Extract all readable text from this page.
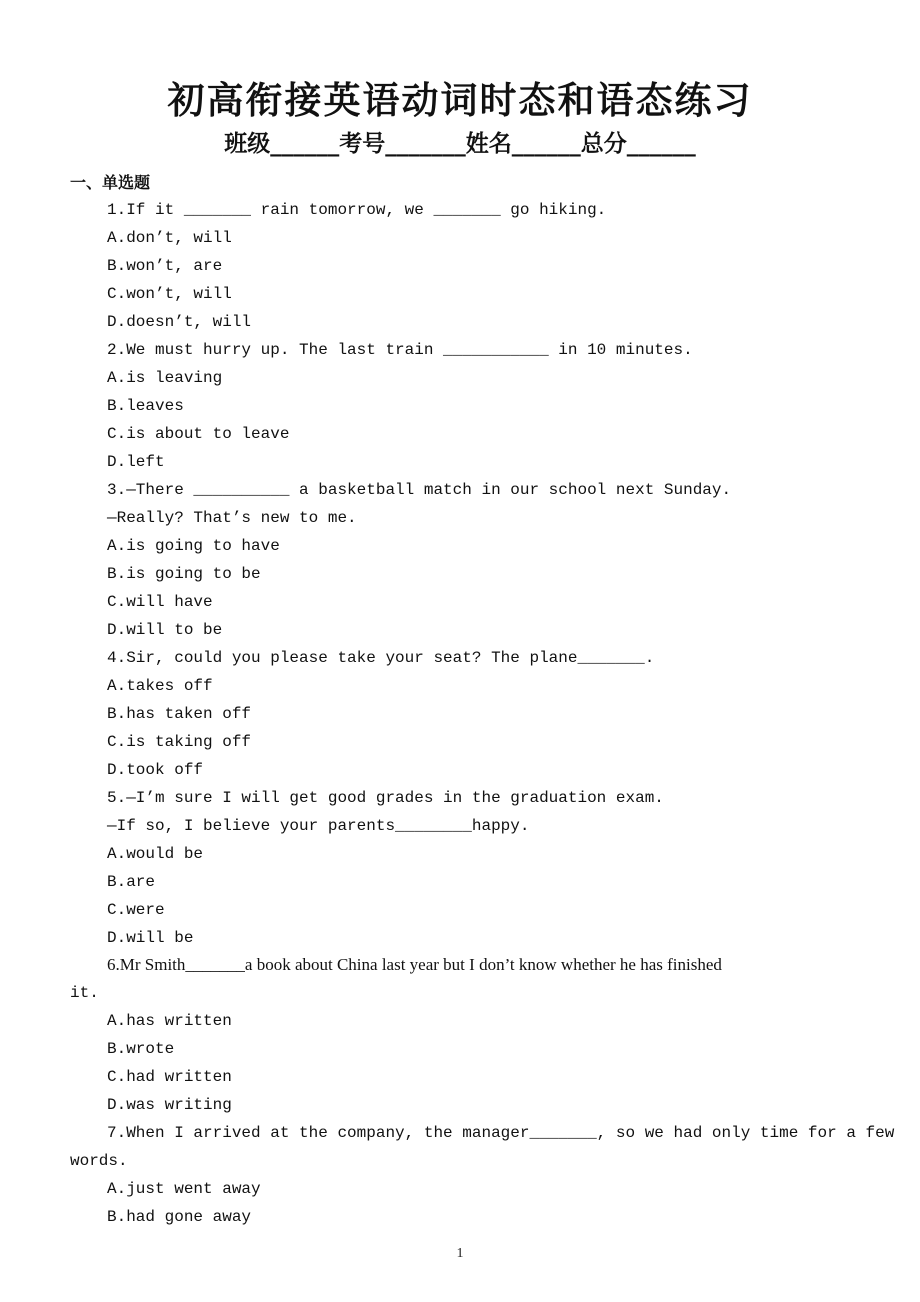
初高衔接英语动词时态和语态练习
班级______考号_______姓名______总分______
一、单选题
1.If it _______ rain tomorrow, we _______ go hiking.
A.don’t, will
B.won’t, are
C.won’t, will
D.doesn’t, will
2.We must hurry up. The last train ___________ in 10 minutes.
A.is leaving
B.leaves
C.is about to leave
D.left
3.—There __________ a basketball match in our school next Sunday.
—Really? That’s new to me.
A.is going to have
B.is going to be
C.will have
D.will to be
4.Sir, could you please take your seat? The plane_______.
A.takes off
B.has taken off
C.is taking off
D.took off
5.—I’m sure I will get good grades in the graduation exam.
—If so, I believe your parents________happy.
A.would be
B.are
C.were
D.will be
6.Mr Smith_______a book about China last year but I don’t know whether he has finished
it.
A.has written
B.wrote
C.had written
D.was writing
7.When I arrived at the company, the manager_______, so we had only time for a few
words.
A.just went away
B.had gone away
1
